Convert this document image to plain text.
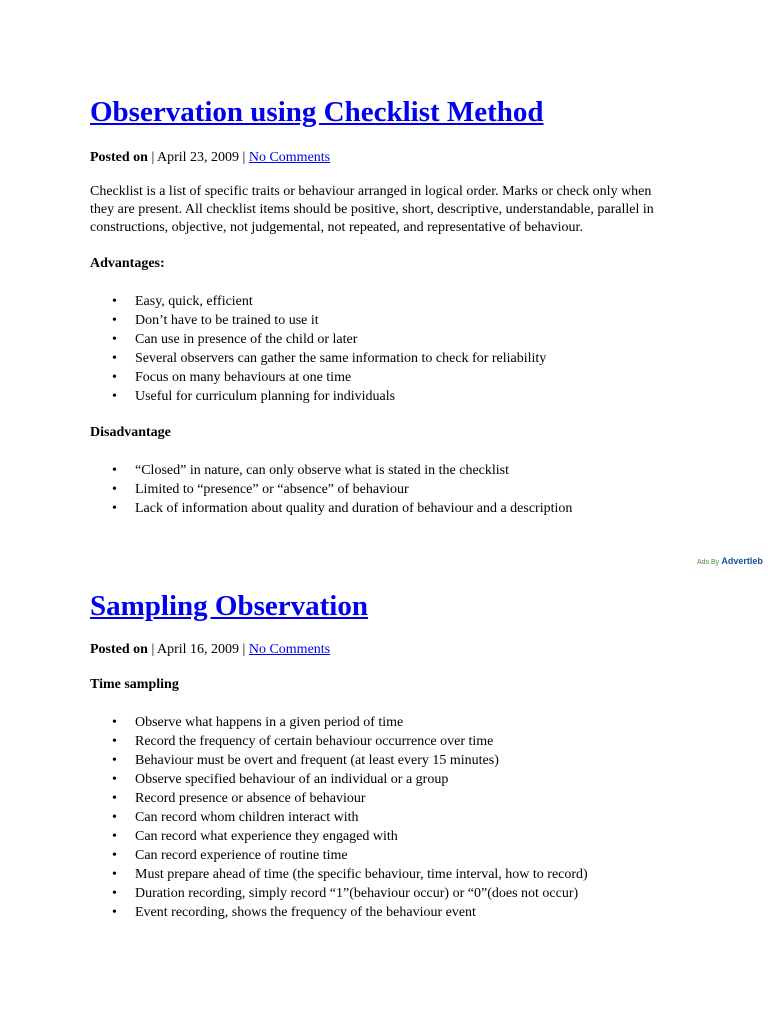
Observation using Checklist Method
Posted on | April 23, 2009 | No Comments
Checklist is a list of specific traits or behaviour arranged in logical order. Marks or check only when they are present. All checklist items should be positive, short, descriptive, understandable, parallel in constructions, objective, not judgemental, not repeated, and representative of behaviour.
Advantages:
• Easy, quick, efficient
• Don’t have to be trained to use it
• Can use in presence of the child or later
• Several observers can gather the same information to check for reliability
• Focus on many behaviours at one time
• Useful for curriculum planning for individuals
Disadvantage
• “Closed” in nature, can only observe what is stated in the checklist
• Limited to “presence” or “absence” of behaviour
• Lack of information about quality and duration of behaviour and a description
Ads By Advertleb
Sampling Observation
Posted on | April 16, 2009 | No Comments
Time sampling
• Observe what happens in a given period of time
• Record the frequency of certain behaviour occurrence over time
• Behaviour must be overt and frequent (at least every 15 minutes)
• Observe specified behaviour of an individual or a group
• Record presence or absence of behaviour
• Can record whom children interact with
• Can record what experience they engaged with
• Can record experience of routine time
• Must prepare ahead of time (the specific behaviour, time interval, how to record)
• Duration recording, simply record “1”(behaviour occur) or “0”(does not occur)
• Event recording, shows the frequency of the behaviour event
